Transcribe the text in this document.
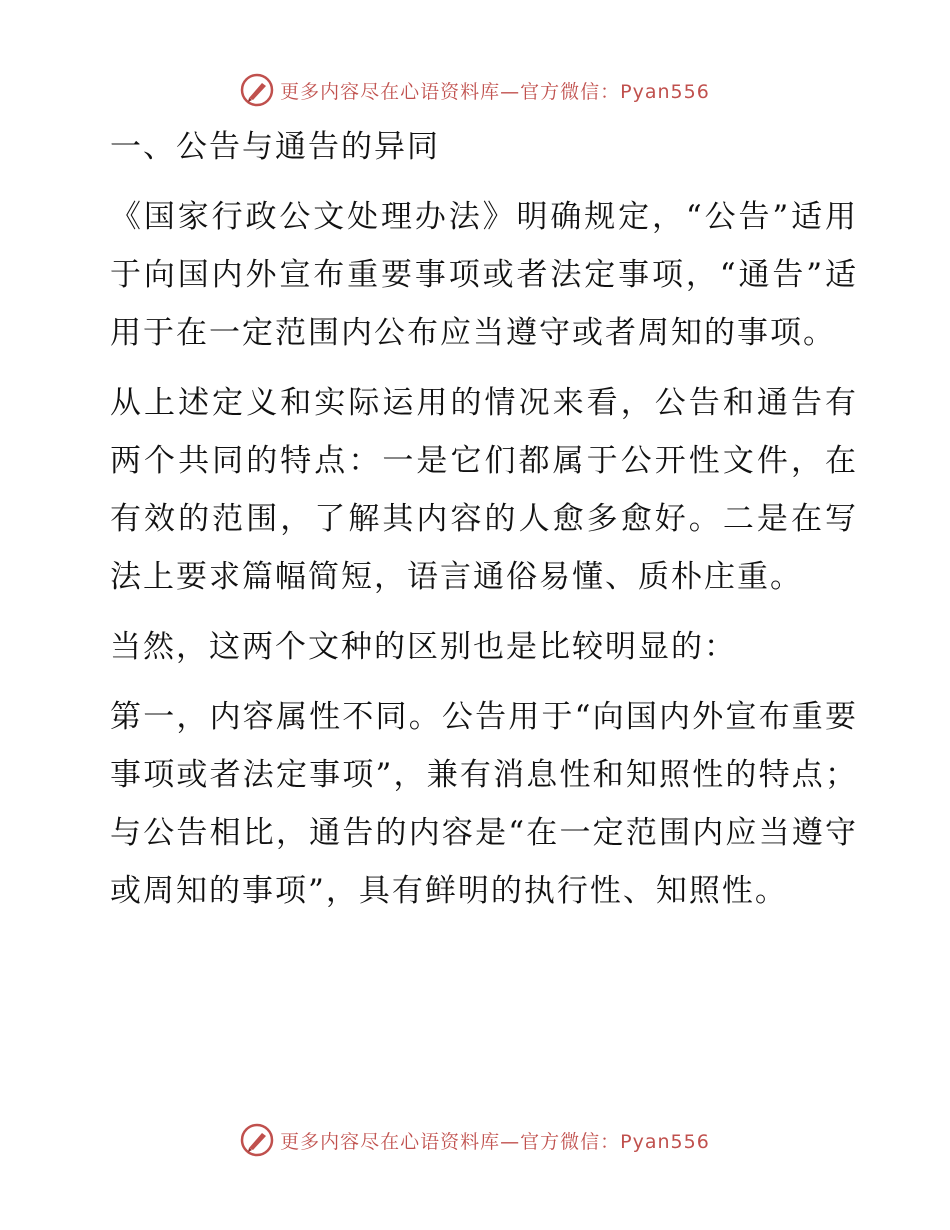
更多内容尽在心语资料库—官方微信：Pyan556

一、公告与通告的异同

《国家行政公文处理办法》明确规定，“公告”适用于向国内外宣布重要事项或者法定事项，“通告”适用于在一定范围内公布应当遵守或者周知的事项。

从上述定义和实际运用的情况来看，公告和通告有两个共同的特点：一是它们都属于公开性文件，在有效的范围，了解其内容的人愈多愈好。二是在写法上要求篇幅简短，语言通俗易懂、质朴庄重。

当然，这两个文种的区别也是比较明显的：

第一，内容属性不同。公告用于“向国内外宣布重要事项或者法定事项”，兼有消息性和知照性的特点；与公告相比，通告的内容是“在一定范围内应当遵守或周知的事项”，具有鲜明的执行性、知照性。

更多内容尽在心语资料库—官方微信：Pyan556
